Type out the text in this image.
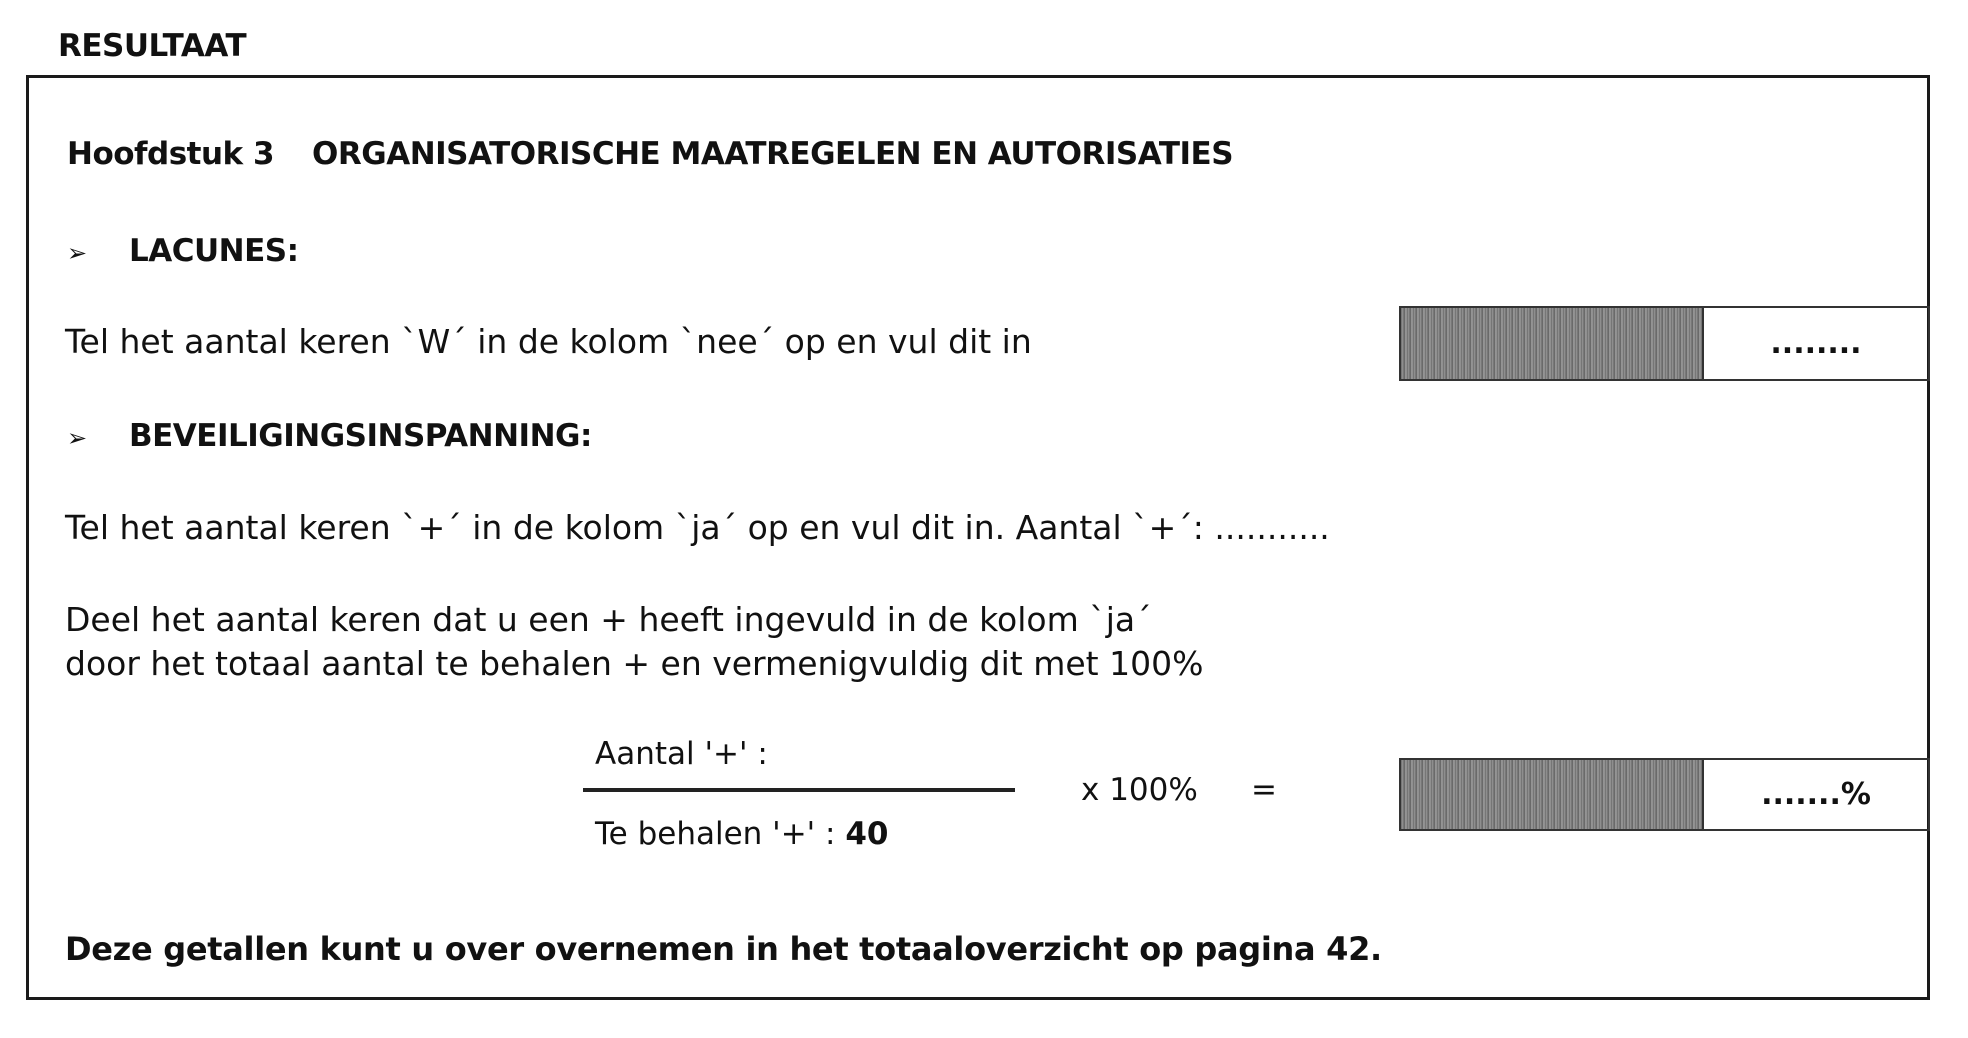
RESULTAAT
Hoofdstuk 3 ORGANISATORISCHE MAATREGELEN EN AUTORISATIES
➢ LACUNES:
Tel het aantal keren `W´ in de kolom `nee´ op en vul dit in	........
➢ BEVEILIGINGSINSPANNING:
Tel het aantal keren `+´ in de kolom `ja´ op en vul dit in. Aantal `+´: ...........
Deel het aantal keren dat u een + heeft ingevuld in de kolom `ja´
door het totaal aantal te behalen + en vermenigvuldig dit met 100%
Aantal '+' :
Te behalen '+' : 40
x 100% =	.......%
Deze getallen kunt u over overnemen in het totaaloverzicht op pagina 42.
